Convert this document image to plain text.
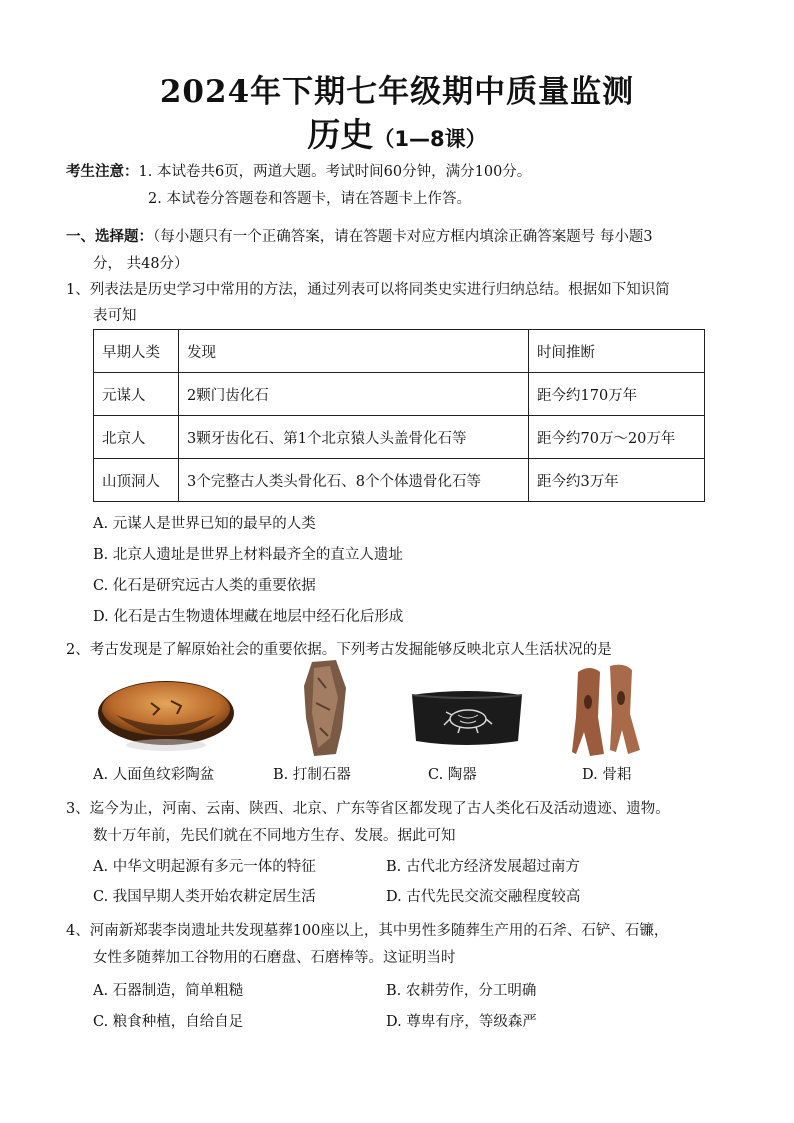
2024年下期七年级期中质量监测
历史（1—8课）
考生注意：1. 本试卷共6页，两道大题。考试时间60分钟，满分100分。
2. 本试卷分答题卷和答题卡，请在答题卡上作答。
一、选择题：（每小题只有一个正确答案，请在答题卡对应方框内填涂正确答案题号 每小题3
分， 共48分）
1、列表法是历史学习中常用的方法，通过列表可以将同类史实进行归纳总结。根据如下知识简
表可知
早期人类	发现	时间推断
元谋人	2颗门齿化石	距今约170万年
北京人	3颗牙齿化石、第1个北京猿人头盖骨化石等	距今约70万～20万年
山顶洞人	3个完整古人类头骨化石、8个个体遗骨化石等	距今约3万年
A. 元谋人是世界已知的最早的人类
B. 北京人遗址是世界上材料最齐全的直立人遗址
C. 化石是研究远古人类的重要依据
D. 化石是古生物遗体埋藏在地层中经石化后形成
2、考古发现是了解原始社会的重要依据。下列考古发掘能够反映北京人生活状况的是
A. 人面鱼纹彩陶盆	B. 打制石器	C. 陶器	D. 骨耜
3、迄今为止，河南、云南、陕西、北京、广东等省区都发现了古人类化石及活动遗迹、遗物。
数十万年前，先民们就在不同地方生存、发展。据此可知
A. 中华文明起源有多元一体的特征	B. 古代北方经济发展超过南方
C. 我国早期人类开始农耕定居生活	D. 古代先民交流交融程度较高
4、河南新郑裴李岗遗址共发现墓葬100座以上，其中男性多随葬生产用的石斧、石铲、石镰，
女性多随葬加工谷物用的石磨盘、石磨棒等。这证明当时
A. 石器制造，简单粗糙	B. 农耕劳作，分工明确
C. 粮食种植，自给自足	D. 尊卑有序，等级森严
